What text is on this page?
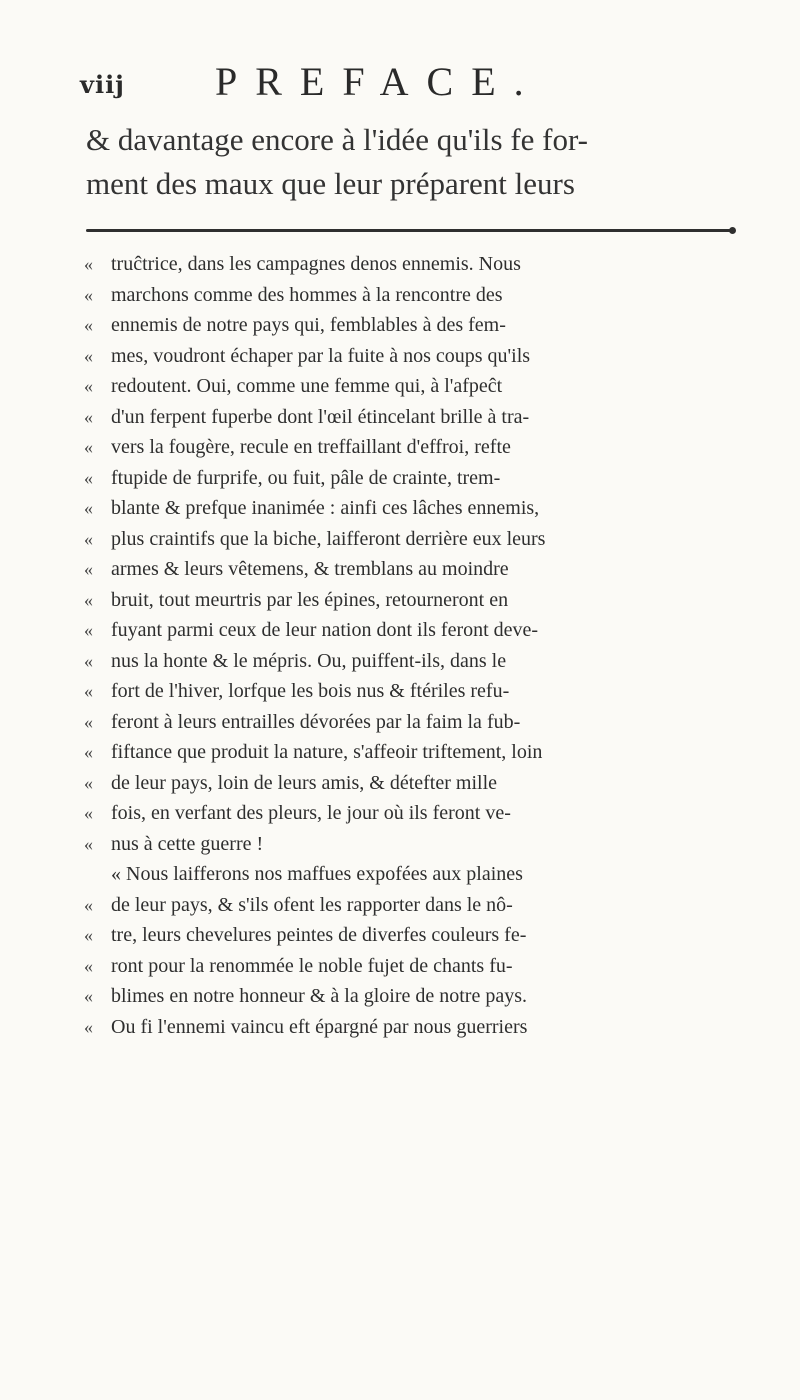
viij PREFACE.
& davantage encore à l'idée qu'ils fe for-
ment des maux que leur préparent leurs
« truĉtrice, dans les campagnes denos ennemis. Nous
« marchons comme des hommes à la rencontre des
« ennemis de notre pays qui, femblables à des fem-
« mes, voudront échaper par la fuite à nos coups qu'ils
« redoutent. Oui, comme une femme qui, à l'afpeĉt
« d'un ferpent fuperbe dont l'œil étincelant brille à tra-
« vers la fougère, recule en treffaillant d'effroi, refte
« ftupide de furprife, ou fuit, pâle de crainte, trem-
« blante & prefque inanimée : ainfi ces lâches ennemis,
« plus craintifs que la biche, laifferont derrière eux leurs
« armes & leurs vêtemens, & tremblans au moindre
« bruit, tout meurtris par les épines, retourneront en
« fuyant parmi ceux de leur nation dont ils feront deve-
« nus la honte & le mépris. Ou, puiffent-ils, dans le
« fort de l'hiver, lorfque les bois nus & ftériles refu-
« feront à leurs entrailles dévorées par la faim la fub-
« fiftance que produit la nature, s'affeoir triftement, loin
« de leur pays, loin de leurs amis, & détefter mille
« fois, en verfant des pleurs, le jour où ils feront ve-
« nus à cette guerre !
« Nous laifferons nos maffues expofées aux plaines
« de leur pays, & s'ils ofent les rapporter dans le nô-
« tre, leurs chevelures peintes de diverfes couleurs fe-
« ront pour la renommée le noble fujet de chants fu-
« blimes en notre honneur & à la gloire de notre pays.
« Ou fi l'ennemi vaincu eft épargné par nous guerriers
